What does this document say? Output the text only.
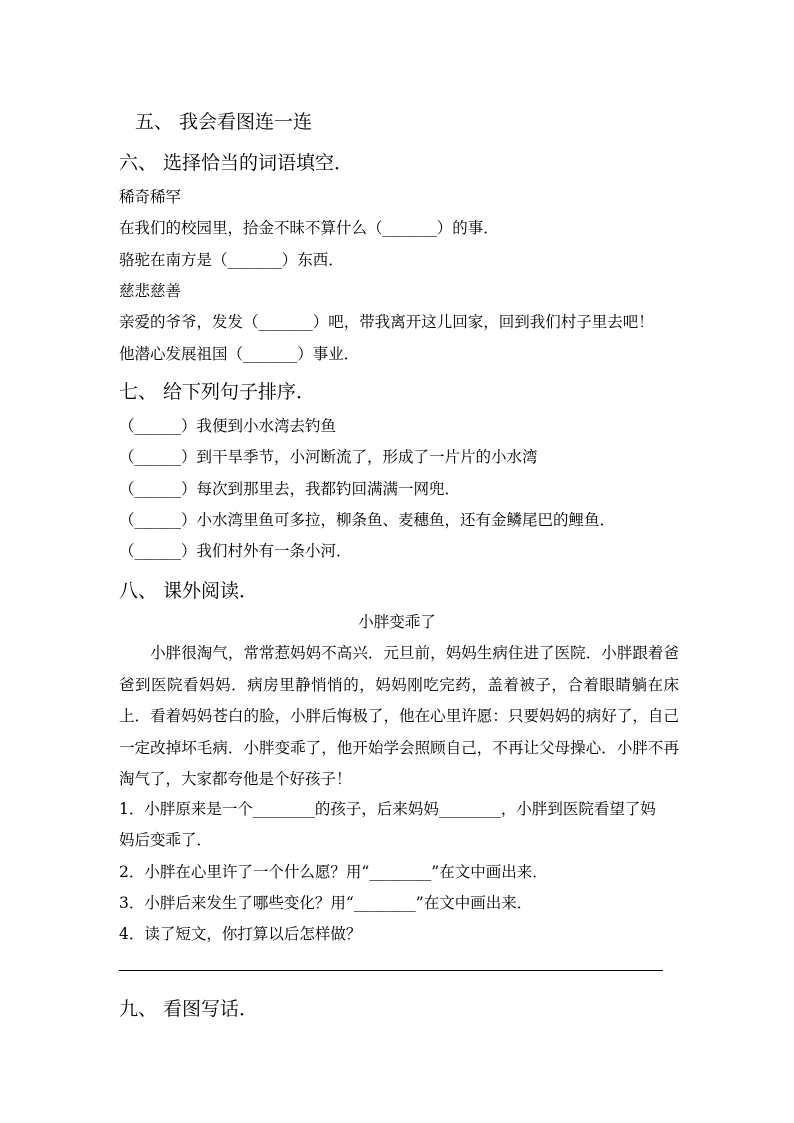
五、 我会看图连一连
六、 选择恰当的词语填空．
稀奇稀罕
在我们的校园里，拾金不昧不算什么（_______）的事．
骆驼在南方是（_______）东西．
慈悲慈善
亲爱的爷爷，发发（_______）吧，带我离开这儿回家，回到我们村子里去吧！
他潜心发展祖国（_______）事业．
七、 给下列句子排序．
（______）我便到小水湾去钓鱼
（______）到干旱季节，小河断流了，形成了一片片的小水湾
（______）每次到那里去，我都钓回满满一网兜．
（______）小水湾里鱼可多拉，柳条鱼、麦穗鱼，还有金鳞尾巴的鲤鱼．
（______）我们村外有一条小河．
八、 课外阅读．
小胖变乖了
　　小胖很淘气，常常惹妈妈不高兴．元旦前，妈妈生病住进了医院．小胖跟着爸爸到医院看妈妈．病房里静悄悄的，妈妈刚吃完药，盖着被子，合着眼睛躺在床上．看着妈妈苍白的脸，小胖后悔极了，他在心里许愿：只要妈妈的病好了，自己一定改掉坏毛病．小胖变乖了，他开始学会照顾自己，不再让父母操心．小胖不再淘气了，大家都夸他是个好孩子！
1．小胖原来是一个________的孩子，后来妈妈________，小胖到医院看望了妈
妈后变乖了．
2．小胖在心里许了一个什么愿？用“________”在文中画出来．
3．小胖后来发生了哪些变化？用“________”在文中画出来．
4．读了短文，你打算以后怎样做？
九、 看图写话．
